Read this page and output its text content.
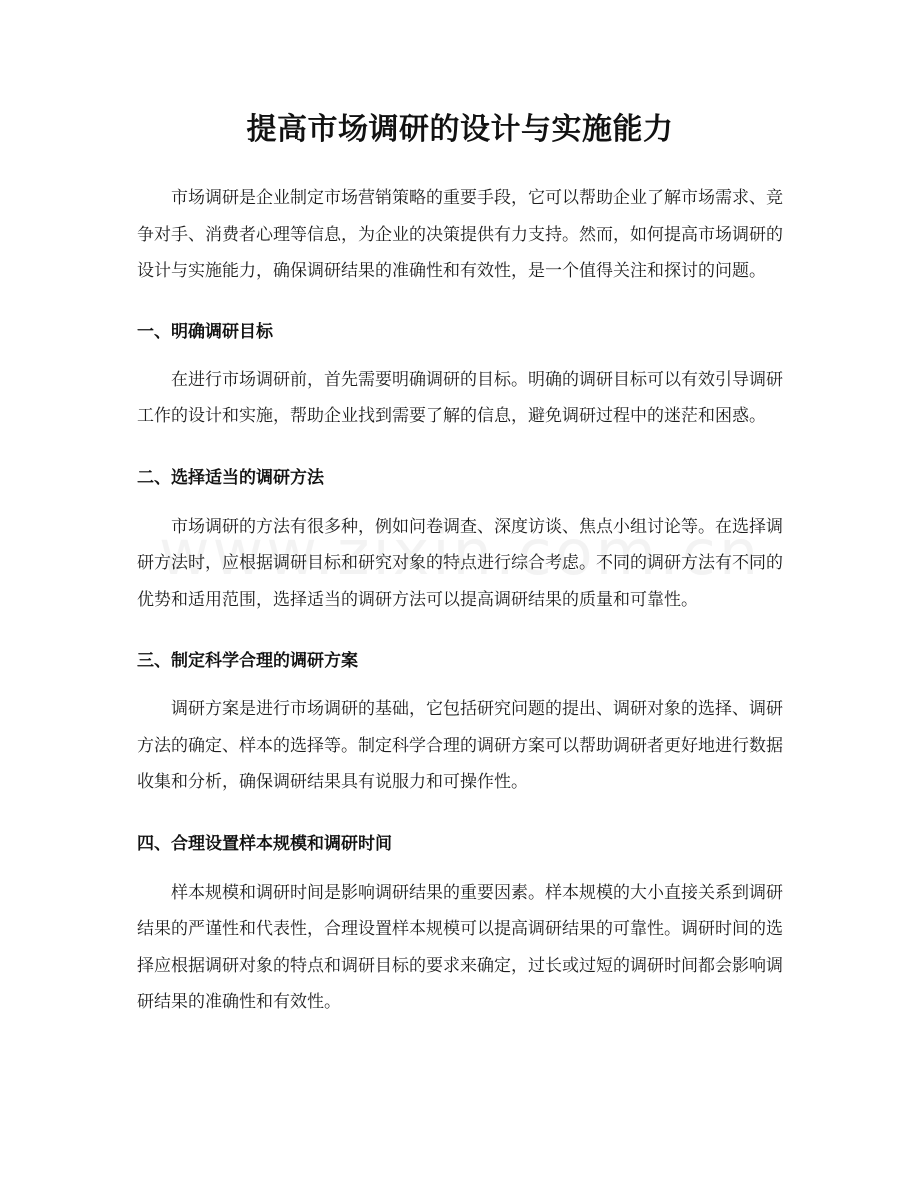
提高市场调研的设计与实施能力

市场调研是企业制定市场营销策略的重要手段，它可以帮助企业了解市场需求、竞争对手、消费者心理等信息，为企业的决策提供有力支持。然而，如何提高市场调研的设计与实施能力，确保调研结果的准确性和有效性，是一个值得关注和探讨的问题。

一、明确调研目标

在进行市场调研前，首先需要明确调研的目标。明确的调研目标可以有效引导调研工作的设计和实施，帮助企业找到需要了解的信息，避免调研过程中的迷茫和困惑。

二、选择适当的调研方法

市场调研的方法有很多种，例如问卷调查、深度访谈、焦点小组讨论等。在选择调研方法时，应根据调研目标和研究对象的特点进行综合考虑。不同的调研方法有不同的优势和适用范围，选择适当的调研方法可以提高调研结果的质量和可靠性。

三、制定科学合理的调研方案

调研方案是进行市场调研的基础，它包括研究问题的提出、调研对象的选择、调研方法的确定、样本的选择等。制定科学合理的调研方案可以帮助调研者更好地进行数据收集和分析，确保调研结果具有说服力和可操作性。

四、合理设置样本规模和调研时间

样本规模和调研时间是影响调研结果的重要因素。样本规模的大小直接关系到调研结果的严谨性和代表性，合理设置样本规模可以提高调研结果的可靠性。调研时间的选择应根据调研对象的特点和调研目标的要求来确定，过长或过短的调研时间都会影响调研结果的准确性和有效性。
